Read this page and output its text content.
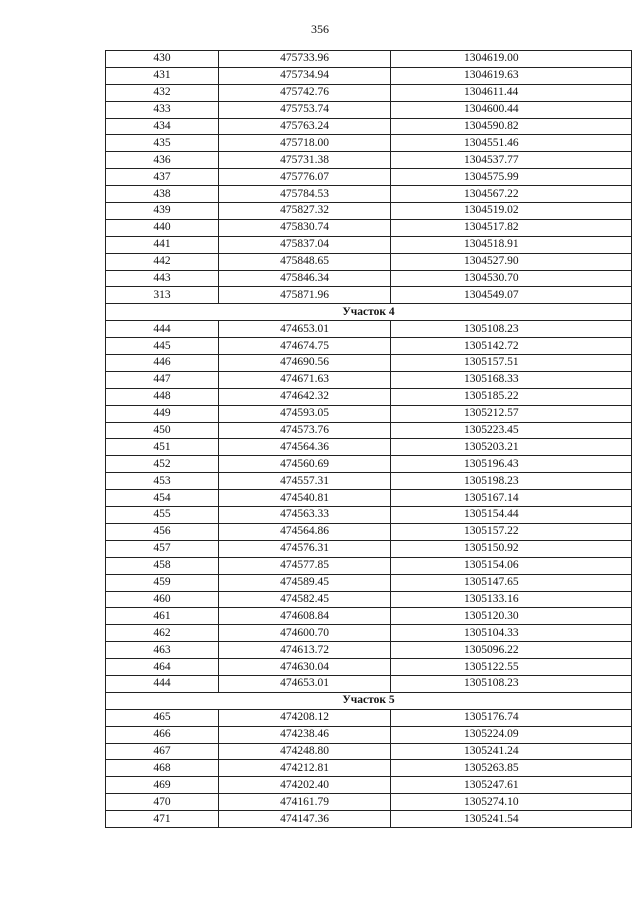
356
430	475733.96	1304619.00
431	475734.94	1304619.63
432	475742.76	1304611.44
433	475753.74	1304600.44
434	475763.24	1304590.82
435	475718.00	1304551.46
436	475731.38	1304537.77
437	475776.07	1304575.99
438	475784.53	1304567.22
439	475827.32	1304519.02
440	475830.74	1304517.82
441	475837.04	1304518.91
442	475848.65	1304527.90
443	475846.34	1304530.70
313	475871.96	1304549.07
Участок 4		
444	474653.01	1305108.23
445	474674.75	1305142.72
446	474690.56	1305157.51
447	474671.63	1305168.33
448	474642.32	1305185.22
449	474593.05	1305212.57
450	474573.76	1305223.45
451	474564.36	1305203.21
452	474560.69	1305196.43
453	474557.31	1305198.23
454	474540.81	1305167.14
455	474563.33	1305154.44
456	474564.86	1305157.22
457	474576.31	1305150.92
458	474577.85	1305154.06
459	474589.45	1305147.65
460	474582.45	1305133.16
461	474608.84	1305120.30
462	474600.70	1305104.33
463	474613.72	1305096.22
464	474630.04	1305122.55
444	474653.01	1305108.23
Участок 5		
465	474208.12	1305176.74
466	474238.46	1305224.09
467	474248.80	1305241.24
468	474212.81	1305263.85
469	474202.40	1305247.61
470	474161.79	1305274.10
471	474147.36	1305241.54
